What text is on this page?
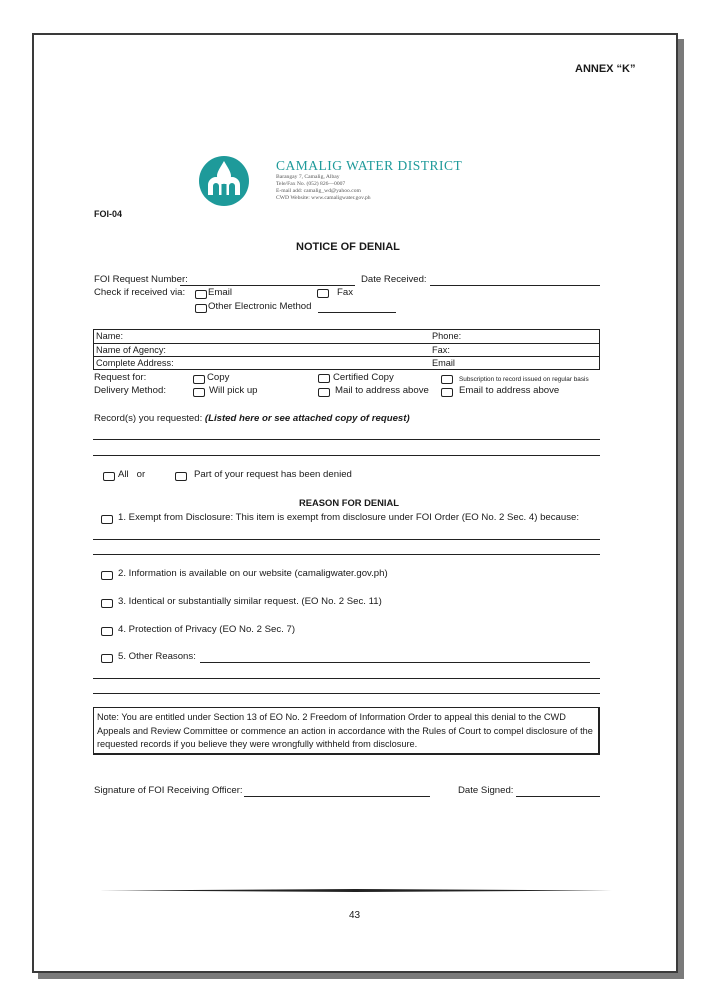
ANNEX “K”
CAMALIG WATER DISTRICT
Barangay 7, Camalig, Albay
Tele/Fax No. (052) 826—0007
E-mail add: camalig_wd@yahoo.com
CWD Website: www.camaligwater.gov.ph
FOI-04
NOTICE OF DENIAL
FOI Request Number:	Date Received:
Check if received via: Email	Fax
Other Electronic Method
Name:	Phone:
Name of Agency:	Fax:
Complete Address:	Email
Request for:	Copy	Certified Copy	Subscription to record issued on regular basis
Delivery Method:	Will pick up	Mail to address above	Email to address above
Record(s) you requested: (Listed here or see attached copy of request)
All   or	Part of your request has been denied
REASON FOR DENIAL
1. Exempt from Disclosure: This item is exempt from disclosure under FOI Order (EO No. 2 Sec. 4) because:
2. Information is available on our website (camaligwater.gov.ph)
3. Identical or substantially similar request. (EO No. 2 Sec. 11)
4. Protection of Privacy (EO No. 2 Sec. 7)
5. Other Reasons:
Note: You are entitled under Section 13 of EO No. 2 Freedom of Information Order to appeal this denial to the CWD Appeals and Review Committee or commence an action in accordance with the Rules of Court to compel disclosure of the requested records if you believe they were wrongfully withheld from disclosure.
Signature of FOI Receiving Officer:	Date Signed:
43
